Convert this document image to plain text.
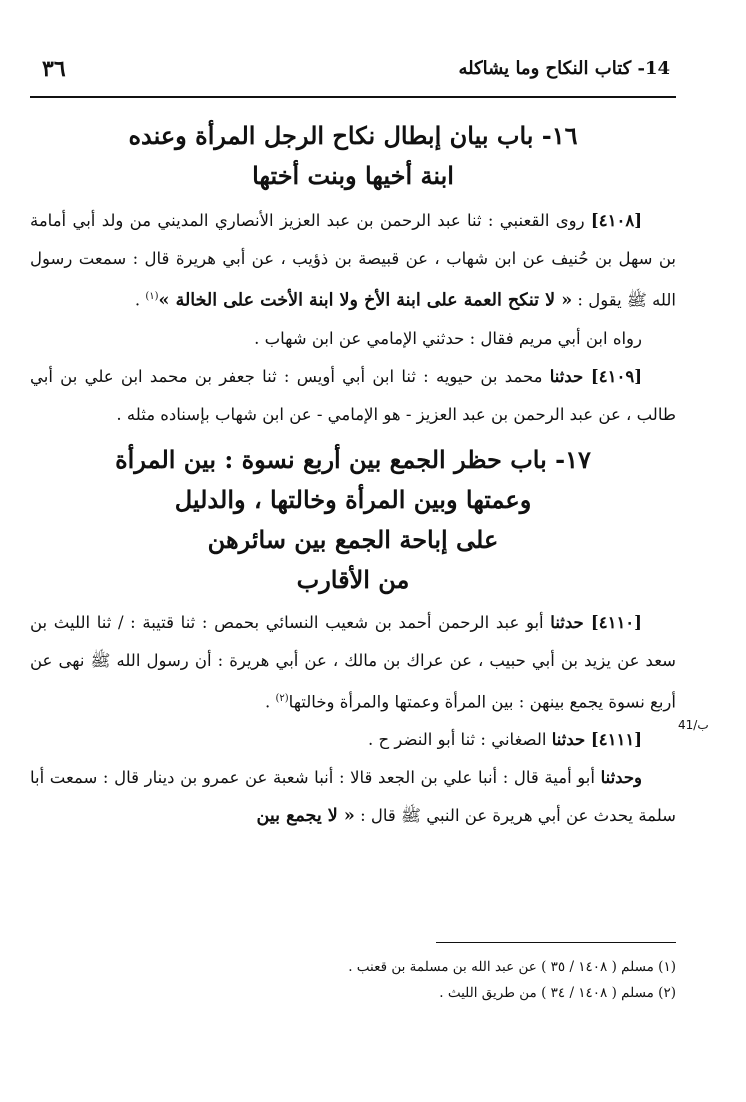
٣٦	14- كتاب النكاح وما يشاكله
41/ب
١٦- باب بيان إبطال نكاح الرجل المرأة وعنده
ابنة أخيها وبنت أختها

[٤١٠٨] روى القعنبي : ثنا عبد الرحمن بن عبد العزيز الأنصاري المديني من ولد أبي أمامة بن سهل بن حُنيف عن ابن شهاب ، عن قبيصة بن ذؤيب ، عن أبي هريرة قال : سمعت رسول الله ﷺ يقول : « لا تنكح العمة على ابنة الأخ ولا ابنة الأخت على الخالة »$^{(١)}$ .

رواه ابن أبي مريم فقال : حدثني الإمامي عن ابن شهاب .

[٤١٠٩] حدثنا محمد بن حيويه : ثنا ابن أبي أويس : ثنا جعفر بن محمد ابن علي بن أبي طالب ، عن عبد الرحمن بن عبد العزيز - هو الإمامي - عن ابن شهاب بإسناده مثله .

١٧- باب حظر الجمع بين أربع نسوة : بين المرأة
وعمتها وبين المرأة وخالتها ، والدليل
على إباحة الجمع بين سائرهن
من الأقارب

[٤١١٠] حدثنا أبو عبد الرحمن أحمد بن شعيب النسائي بحمص : ثنا قتيبة : / ثنا الليث بن سعد عن يزيد بن أبي حبيب ، عن عراك بن مالك ، عن أبي هريرة : أن رسول الله ﷺ نهى عن أربع نسوة يجمع بينهن : بين المرأة وعمتها والمرأة وخالتها$^{(٢)}$ .

[٤١١١] حدثنا الصغاني : ثنا أبو النضر ح .

وحدثنا أبو أمية قال : أنبا علي بن الجعد قالا : أنبا شعبة عن عمرو بن دينار قال : سمعت أبا سلمة يحدث عن أبي هريرة عن النبي ﷺ قال : « لا يجمع بين

(١) مسلم ( ١٤٠٨ / ٣٥ ) عن عبد الله بن مسلمة بن قعنب .
(٢) مسلم ( ١٤٠٨ / ٣٤ ) من طريق الليث .
